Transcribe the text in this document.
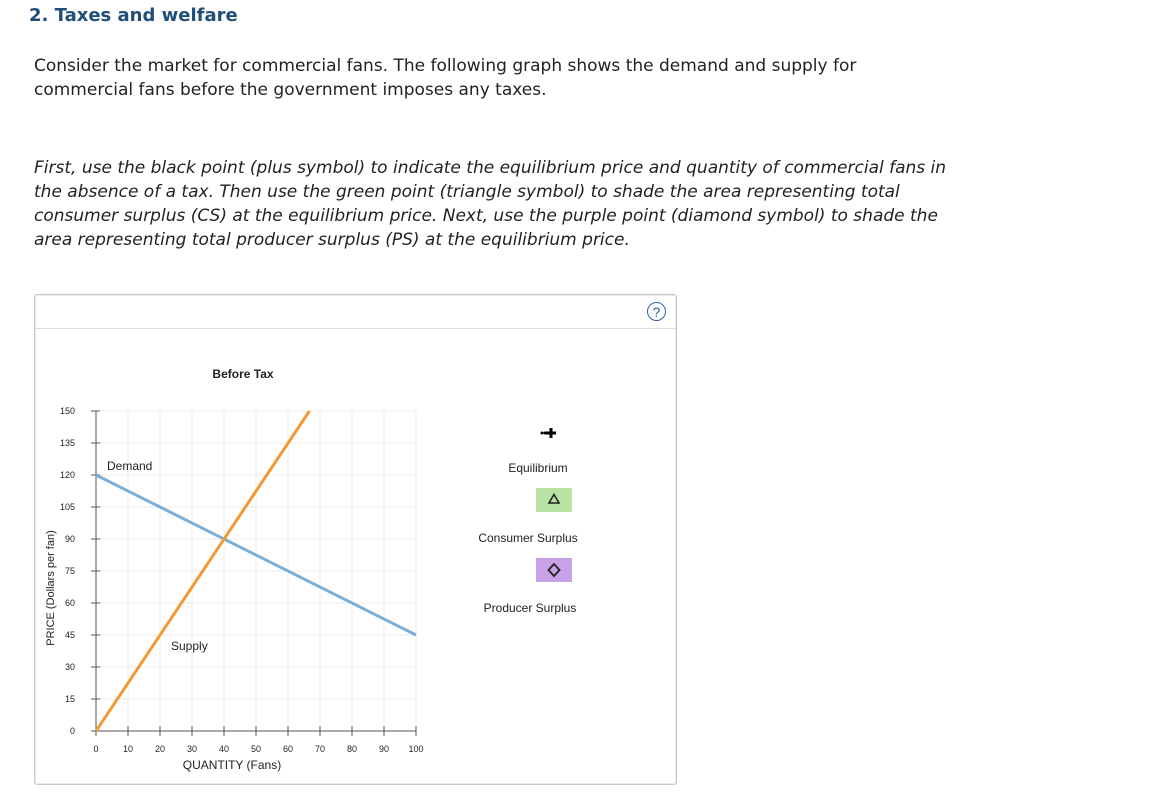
2. Taxes and welfare
Consider the market for commercial fans. The following graph shows the demand and supply for commercial fans before the government imposes any taxes.
First, use the black point (plus symbol) to indicate the equilibrium price and quantity of commercial fans in the absence of a tax. Then use the green point (triangle symbol) to shade the area representing total consumer surplus (CS) at the equilibrium price. Next, use the purple point (diamond symbol) to shade the area representing total producer surplus (PS) at the equilibrium price.
?
0	10 20 30 40 50 60 70 80 90 100
0
15
30
45
60
75
90
105
120
135
150
Before Tax
QUANTITY (Fans)
PRICE (Dollars per fan)
Demand
Supply
Equilibrium
Consumer Surplus
Producer Surplus
